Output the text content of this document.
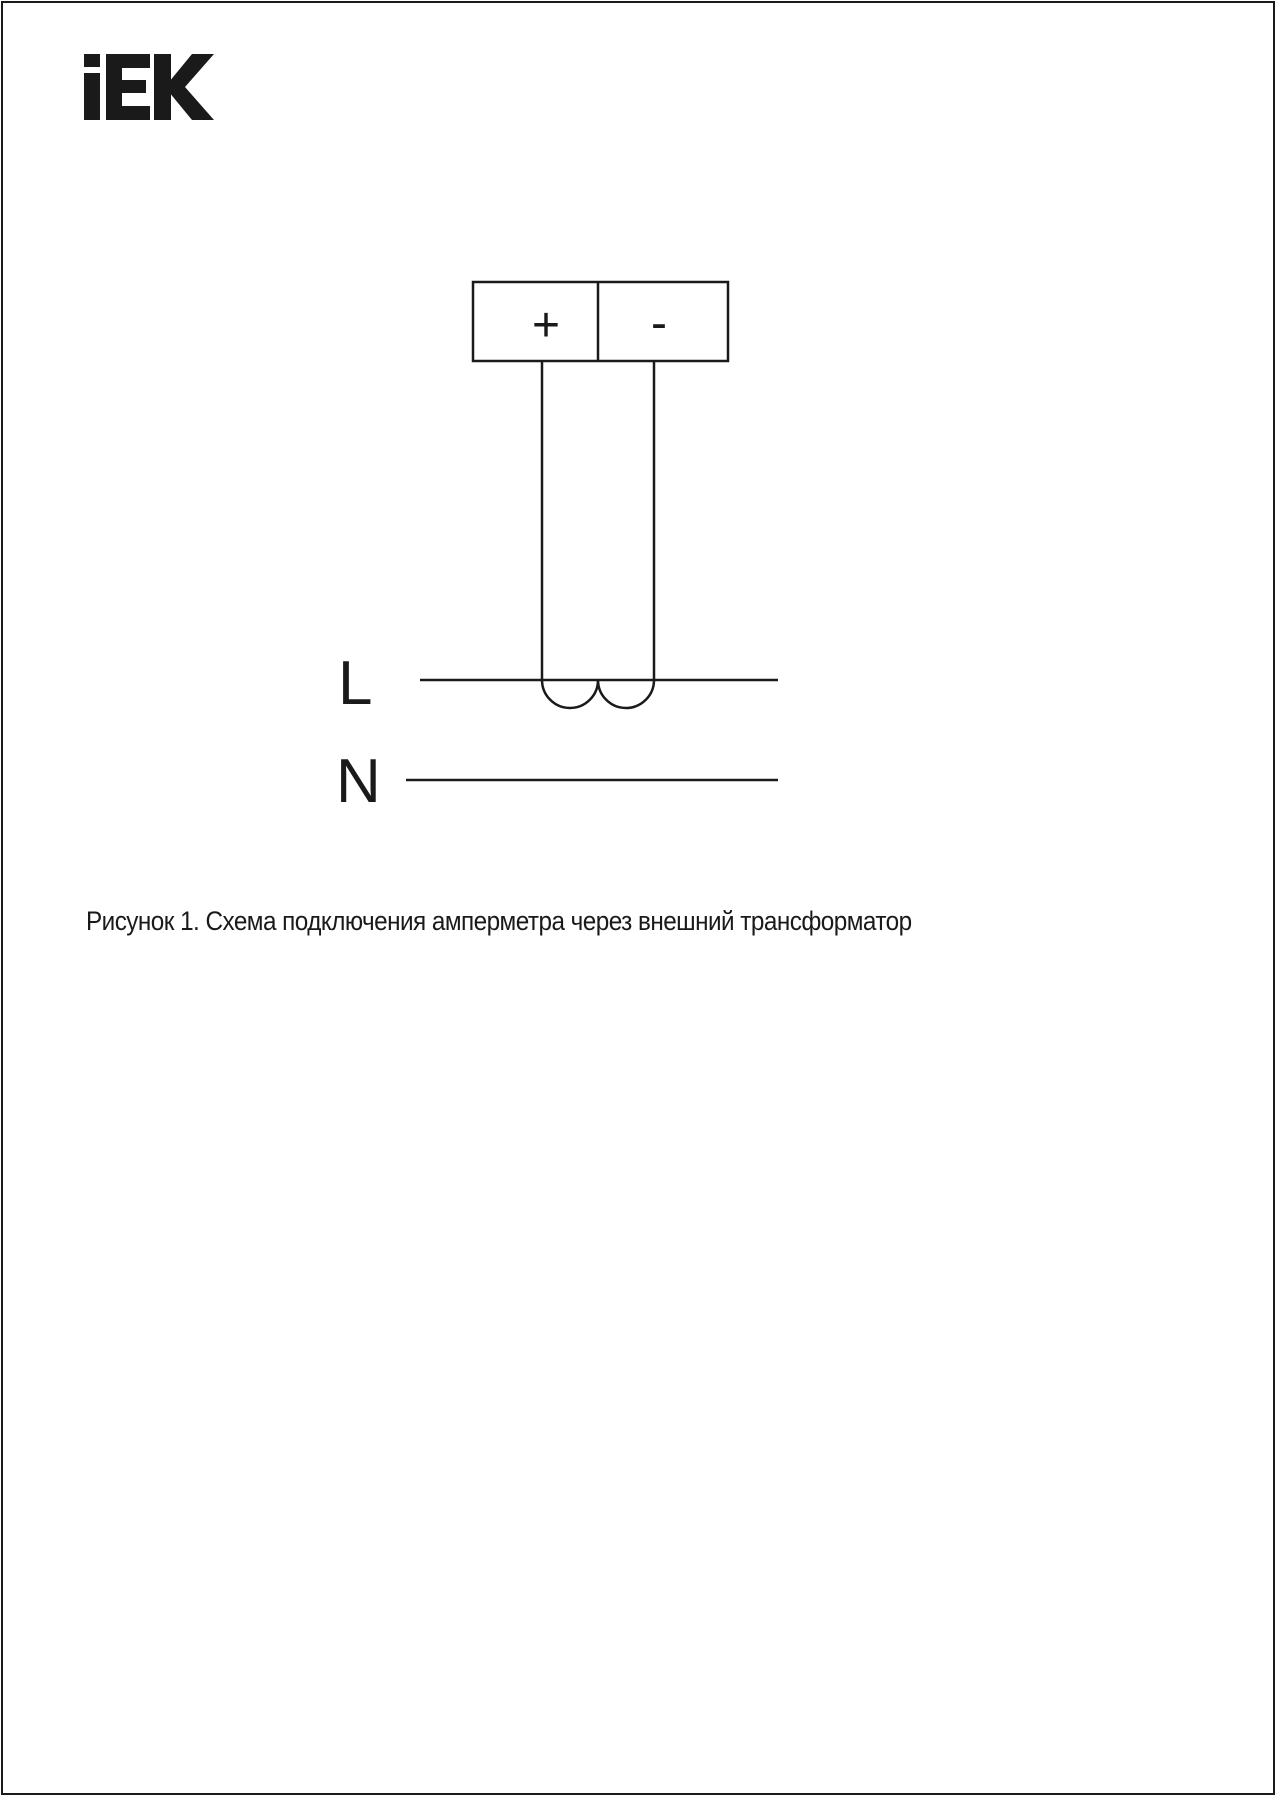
+ -
L
N
Рисунок 1. Схема подключения амперметра через внешний трансформатор
